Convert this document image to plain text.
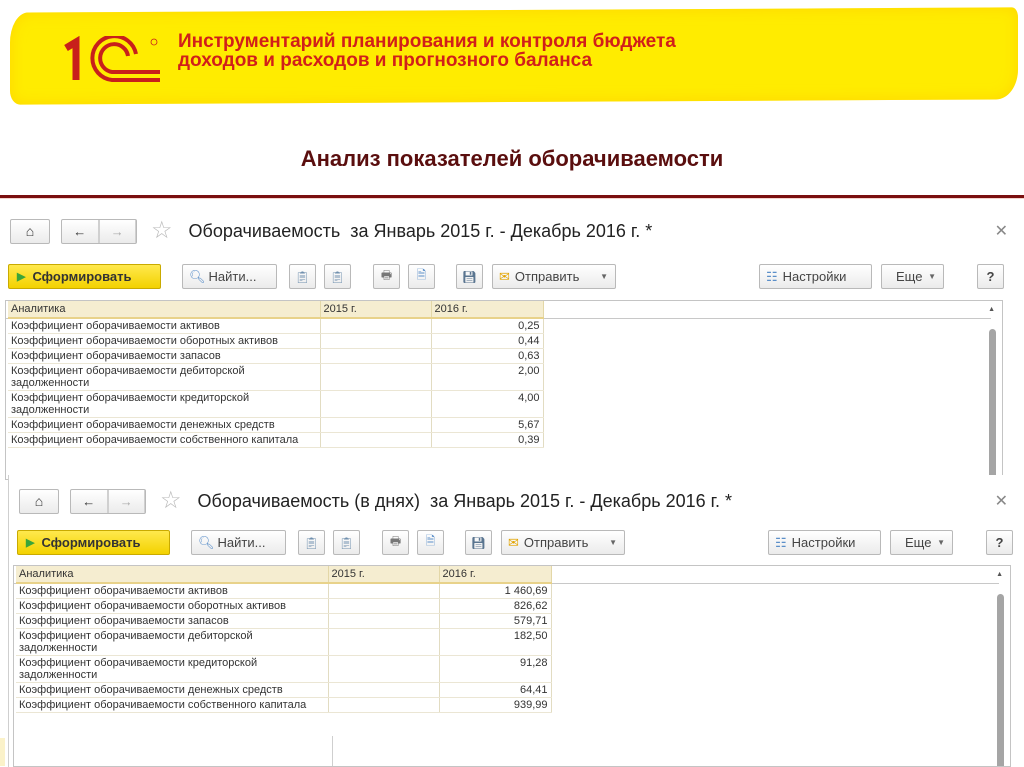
Инструментарий планирования и контроля бюджета доходов и расходов и прогнозного баланса
Анализ показателей оборачиваемости
⌂	←	→	☆ Оборачиваемость  за Январь 2015 г. - Декабрь 2016 г. *	✕
▶ Сформировать	🔍︎ Найти...	📋︎ 📋︎	🖶︎ 🗎︎	💾︎ ✉ Отправить	▼	☷ Настройки	Еще ▼	?
Аналитика	2015 г.	2016 г.
Коэффициент оборачиваемости активов		0,25
Коэффициент оборачиваемости оборотных активов		0,44
Коэффициент оборачиваемости запасов		0,63
Коэффициент оборачиваемости дебиторской задолженности		2,00
Коэффициент оборачиваемости кредиторской задолженности		4,00
Коэффициент оборачиваемости денежных средств		5,67
Коэффициент оборачиваемости собственного капитала		0,39
▲
⌂	←	→	☆ Оборачиваемость (в днях)  за Январь 2015 г. - Декабрь 2016 г. *	✕
▶ Сформировать	🔍︎ Найти...	📋︎ 📋︎	🖶︎ 🗎︎	💾︎ ✉ Отправить	▼	☷ Настройки	Еще ▼	?
Аналитика	2015 г.	2016 г.
Коэффициент оборачиваемости активов		1 460,69
Коэффициент оборачиваемости оборотных активов		826,62
Коэффициент оборачиваемости запасов		579,71
Коэффициент оборачиваемости дебиторской задолженности		182,50
Коэффициент оборачиваемости кредиторской задолженности		91,28
Коэффициент оборачиваемости денежных средств		64,41
Коэффициент оборачиваемости собственного капитала		939,99
▲
